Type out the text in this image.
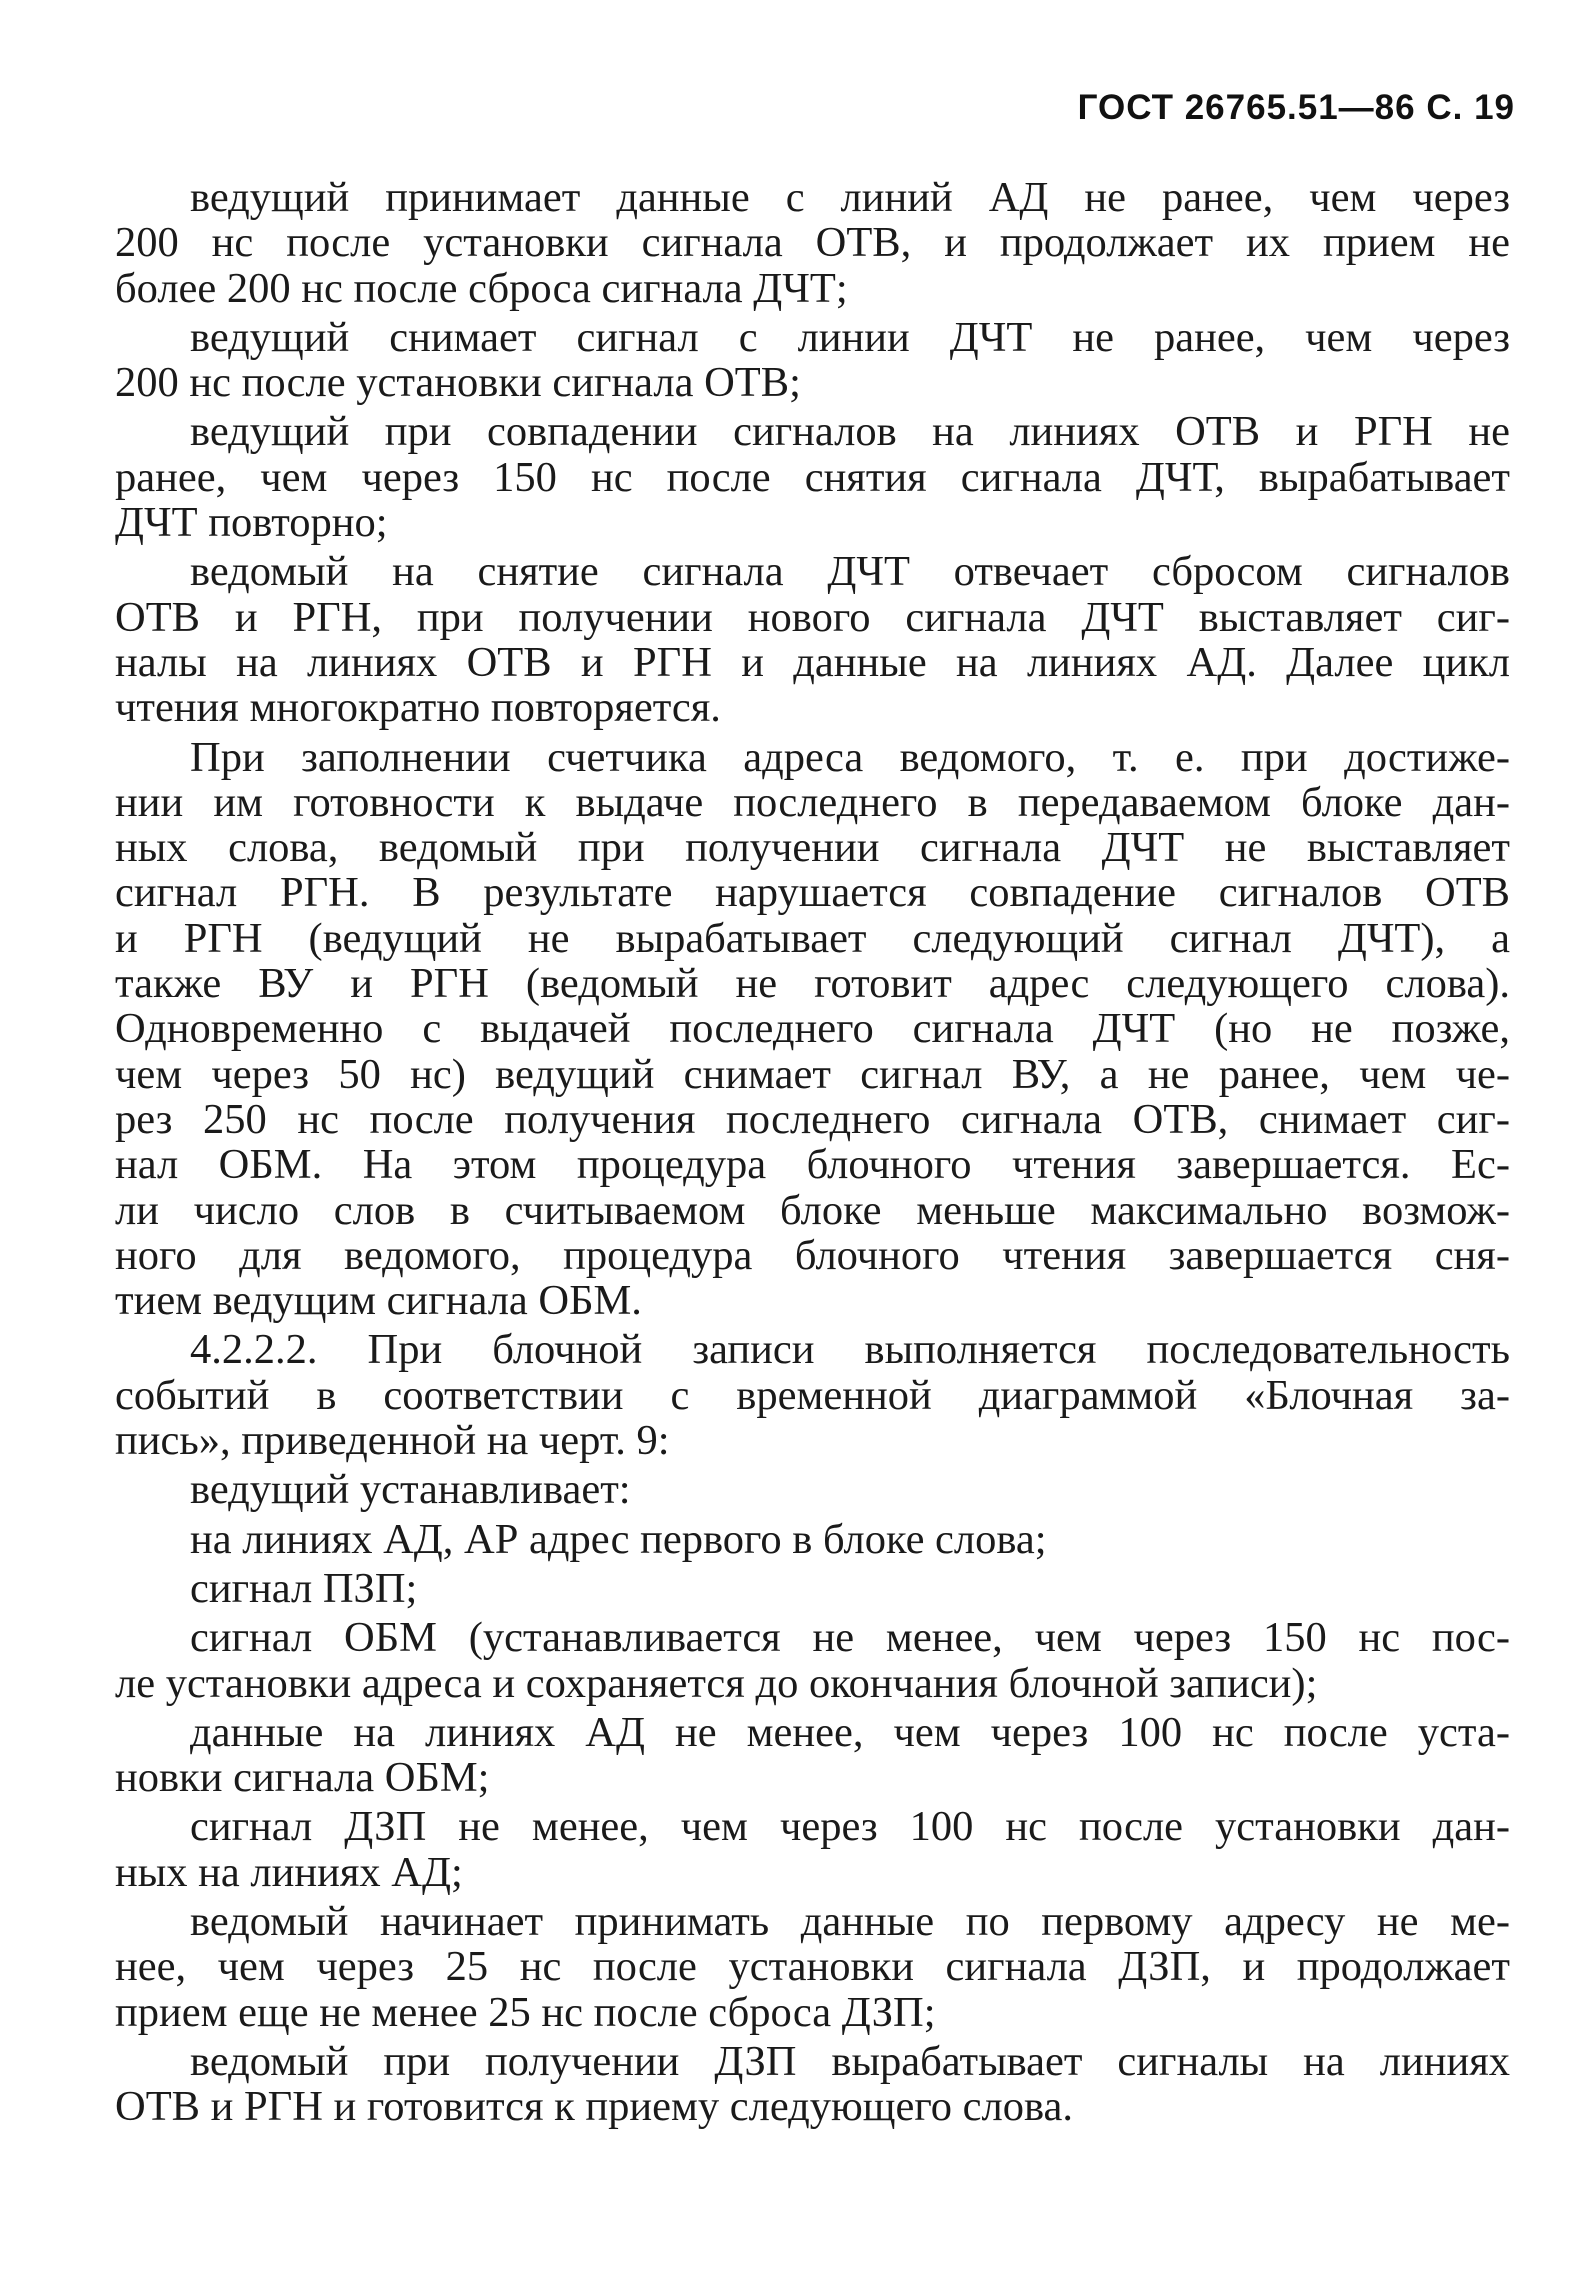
ГОСТ 26765.51—86 С. 19
ведущий принимает данные с линий АД не ранее, чем через
200 нс после установки сигнала ОТВ, и продолжает их прием не
более 200 нс после сброса сигнала ДЧТ;
ведущий снимает сигнал с линии ДЧТ не ранее, чем через
200 нс после установки сигнала ОТВ;
ведущий при совпадении сигналов на линиях ОТВ и РГН не
ранее, чем через 150 нс после снятия сигнала ДЧТ, вырабатывает
ДЧТ повторно;
ведомый на снятие сигнала ДЧТ отвечает сбросом сигналов
ОТВ и РГН, при получении нового сигнала ДЧТ выставляет сиг-
налы на линиях ОТВ и РГН и данные на линиях АД. Далее цикл
чтения многократно повторяется.
При заполнении счетчика адреса ведомого, т. е. при достиже-
нии им готовности к выдаче последнего в передаваемом блоке дан-
ных слова, ведомый при получении сигнала ДЧТ не выставляет
сигнал РГН. В результате нарушается совпадение сигналов ОТВ
и РГН (ведущий не вырабатывает следующий сигнал ДЧТ), а
также ВУ и РГН (ведомый не готовит адрес следующего слова).
Одновременно с выдачей последнего сигнала ДЧТ (но не позже,
чем через 50 нс) ведущий снимает сигнал ВУ, а не ранее, чем че-
рез 250 нс после получения последнего сигнала ОТВ, снимает сиг-
нал ОБМ. На этом процедура блочного чтения завершается. Ес-
ли число слов в считываемом блоке меньше максимально возмож-
ного для ведомого, процедура блочного чтения завершается сня-
тием ведущим сигнала ОБМ.
4.2.2.2. При блочной записи выполняется последовательность
событий в соответствии с временной диаграммой «Блочная за-
пись», приведенной на черт. 9:
ведущий устанавливает:
на линиях АД, АР адрес первого в блоке слова;
сигнал ПЗП;
сигнал ОБМ (устанавливается не менее, чем через 150 нс пос-
ле установки адреса и сохраняется до окончания блочной записи);
данные на линиях АД не менее, чем через 100 нс после уста-
новки сигнала ОБМ;
сигнал ДЗП не менее, чем через 100 нс после установки дан-
ных на линиях АД;
ведомый начинает принимать данные по первому адресу не ме-
нее, чем через 25 нс после установки сигнала ДЗП, и продолжает
прием еще не менее 25 нс после сброса ДЗП;
ведомый при получении ДЗП вырабатывает сигналы на линиях
ОТВ и РГН и готовится к приему следующего слова.
